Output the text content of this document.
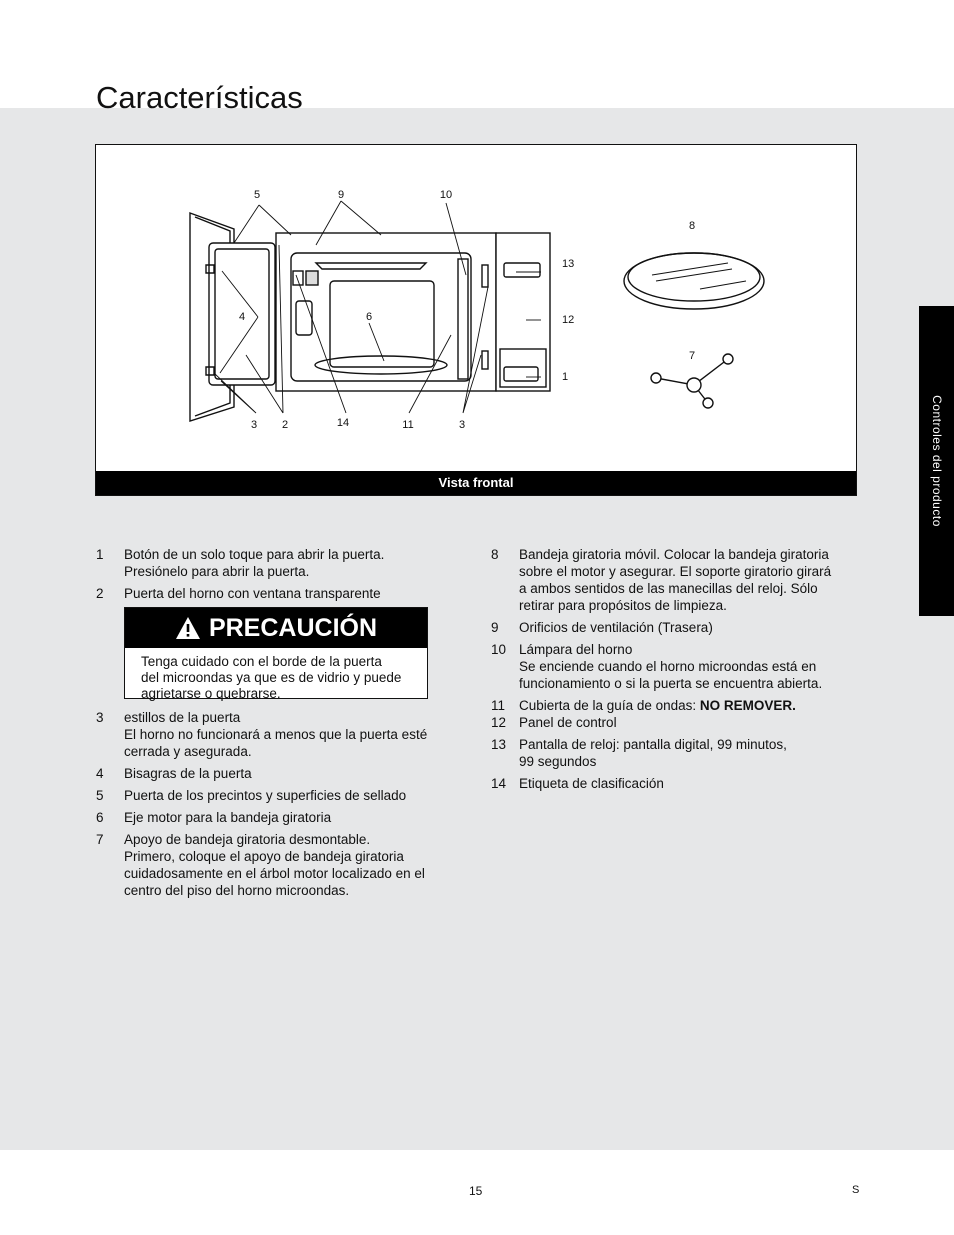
Características
5	9	10
8
13
4	6	12
7
1
3 2	14	11	3
Vista frontal	Controles del producto
1 Botón de un solo toque para abrir la puerta.
Presiónelo para abrir la puerta.
2 Puerta del horno con ventana transparente
PRECAUCIÓN
Tenga cuidado con el borde de la puerta
del microondas ya que es de vidrio y puede
agrietarse o quebrarse.
3 estillos de la puerta
El horno no funcionará a menos que la puerta esté
cerrada y asegurada.
4 Bisagras de la puerta
5 Puerta de los precintos y superficies de sellado
6 Eje motor para la bandeja giratoria
7 Apoyo de bandeja giratoria desmontable.
Primero, coloque el apoyo de bandeja giratoria
cuidadosamente en el árbol motor localizado en el
centro del piso del horno microondas.
8 Bandeja giratoria móvil. Colocar la bandeja giratoria
sobre el motor y asegurar. El soporte giratorio girará
a ambos sentidos de las manecillas del reloj. Sólo
retirar para propósitos de limpieza.
9 Orificios de ventilación (Trasera)
10 Lámpara del horno
Se enciende cuando el horno microondas está en
funcionamiento o si la puerta se encuentra abierta.
11 Cubierta de la guía de ondas: NO REMOVER.
12 Panel de control
13 Pantalla de reloj: pantalla digital, 99 minutos,
99 segundos
14 Etiqueta de clasificación
15	S
